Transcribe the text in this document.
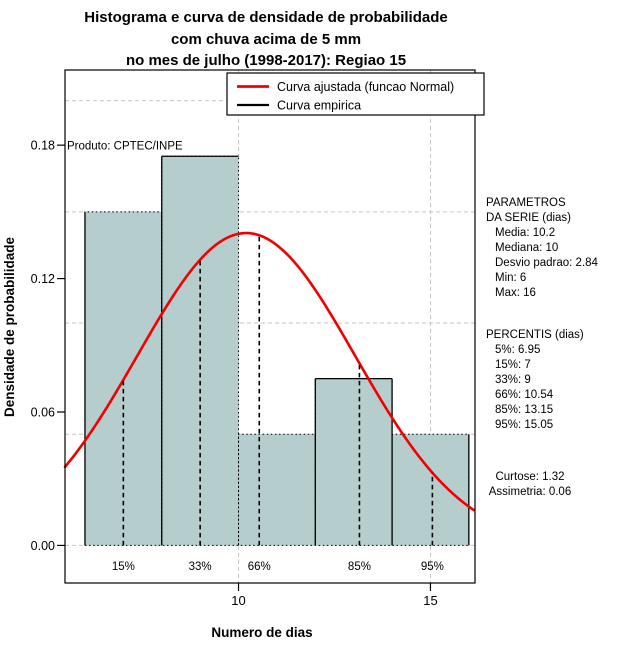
Histograma e curva de densidade de probabilidade
com chuva acima de 5 mm
no mes de julho (1998-2017): Regiao 15
15%	33%	66%	85%	95%
0.00
0.06
0.12
0.18
10	15
Produto: CPTEC/INPE
Numero de dias
Densidade de probabilidade
Curva ajustada (funcao Normal)
Curva empirica
PARAMETROS
DA SERIE (dias)
Media: 10.2
Mediana: 10
Desvio padrao: 2.84
Min: 6
Max: 16
PERCENTIS (dias)
5%: 6.95
15%: 7
33%: 9
66%: 10.54
85%: 13.15
95%: 15.05
Curtose: 1.32
Assimetria: 0.06
